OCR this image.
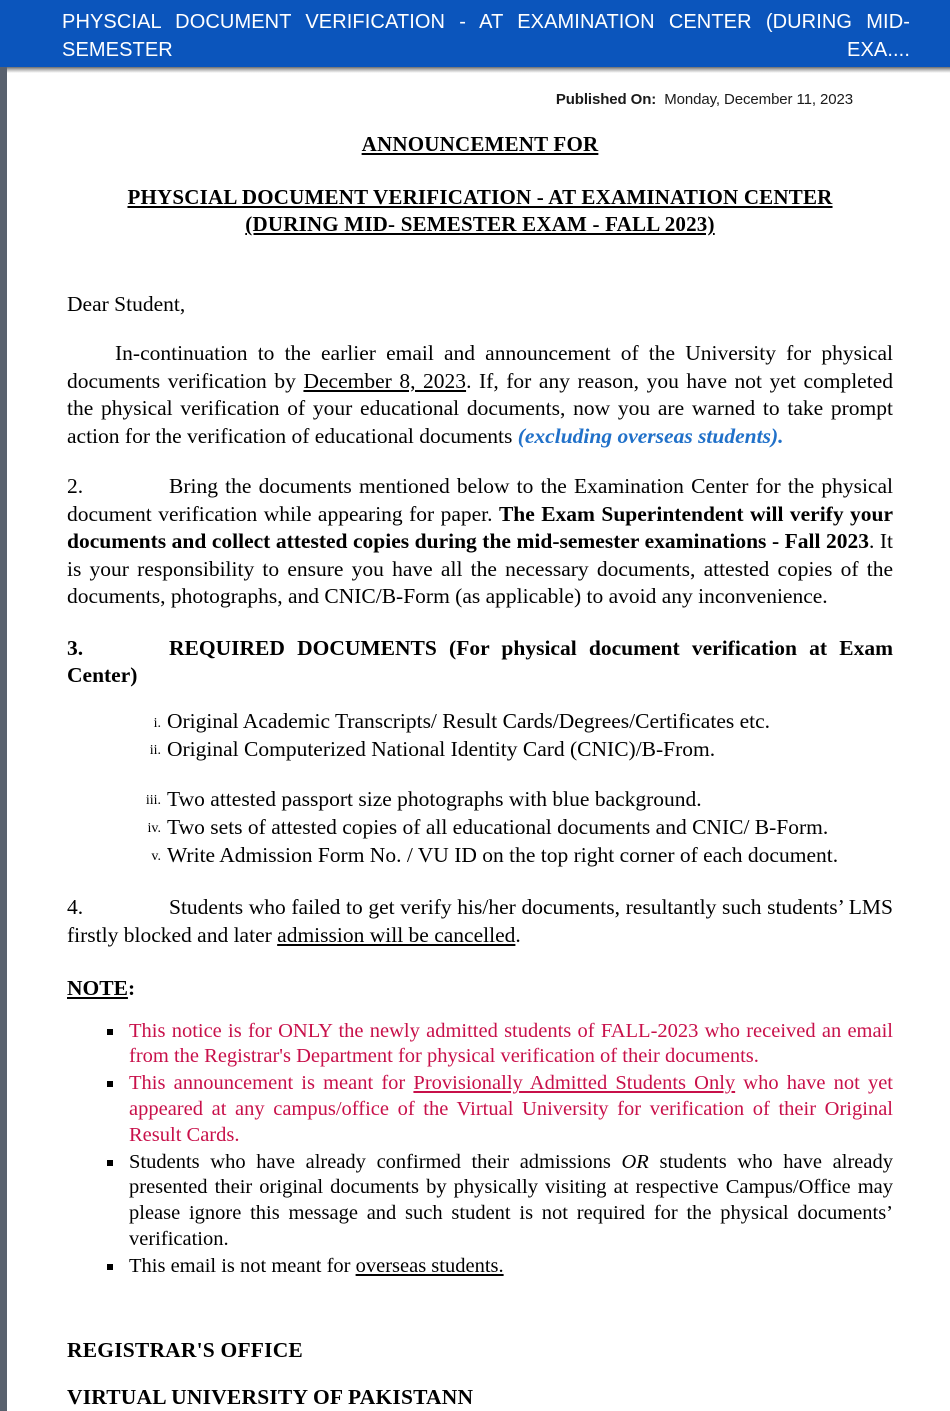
PHYSCIAL DOCUMENT VERIFICATION - AT EXAMINATION CENTER (DURING MID- SEMESTER EXA....
Published On: Monday, December 11, 2023
ANNOUNCEMENT FOR
PHYSCIAL DOCUMENT VERIFICATION - AT EXAMINATION CENTER
(DURING MID- SEMESTER EXAM - FALL 2023)

Dear Student,

In-continuation to the earlier email and announcement of the University for physical documents verification by December 8, 2023. If, for any reason, you have not yet completed the physical verification of your educational documents, now you are warned to take prompt action for the verification of educational documents (excluding overseas students).

2.	Bring the documents mentioned below to the Examination Center for the physical document verification while appearing for paper. The Exam Superintendent will verify your documents and collect attested copies during the mid-semester examinations - Fall 2023. It is your responsibility to ensure you have all the necessary documents, attested copies of the documents, photographs, and CNIC/B-Form (as applicable) to avoid any inconvenience.

3.	REQUIRED DOCUMENTS (For physical document verification at Exam Center)

i. Original Academic Transcripts/ Result Cards/Degrees/Certificates etc.
ii. Original Computerized National Identity Card (CNIC)/B-From.
iii. Two attested passport size photographs with blue background.
iv. Two sets of attested copies of all educational documents and CNIC/ B-Form.
v. Write Admission Form No. / VU ID on the top right corner of each document.

4.	Students who failed to get verify his/her documents, resultantly such students’ LMS firstly blocked and later admission will be cancelled.

NOTE:
This notice is for ONLY the newly admitted students of FALL-2023 who received an email from the Registrar's Department for physical verification of their documents.
This announcement is meant for Provisionally Admitted Students Only who have not yet appeared at any campus/office of the Virtual University for verification of their Original Result Cards.
Students who have already confirmed their admissions OR students who have already presented their original documents by physically visiting at respective Campus/Office may please ignore this message and such student is not required for the physical documents’ verification.
This email is not meant for overseas students.
REGISTRAR'S OFFICE
VIRTUAL UNIVERSITY OF PAKISTANN
